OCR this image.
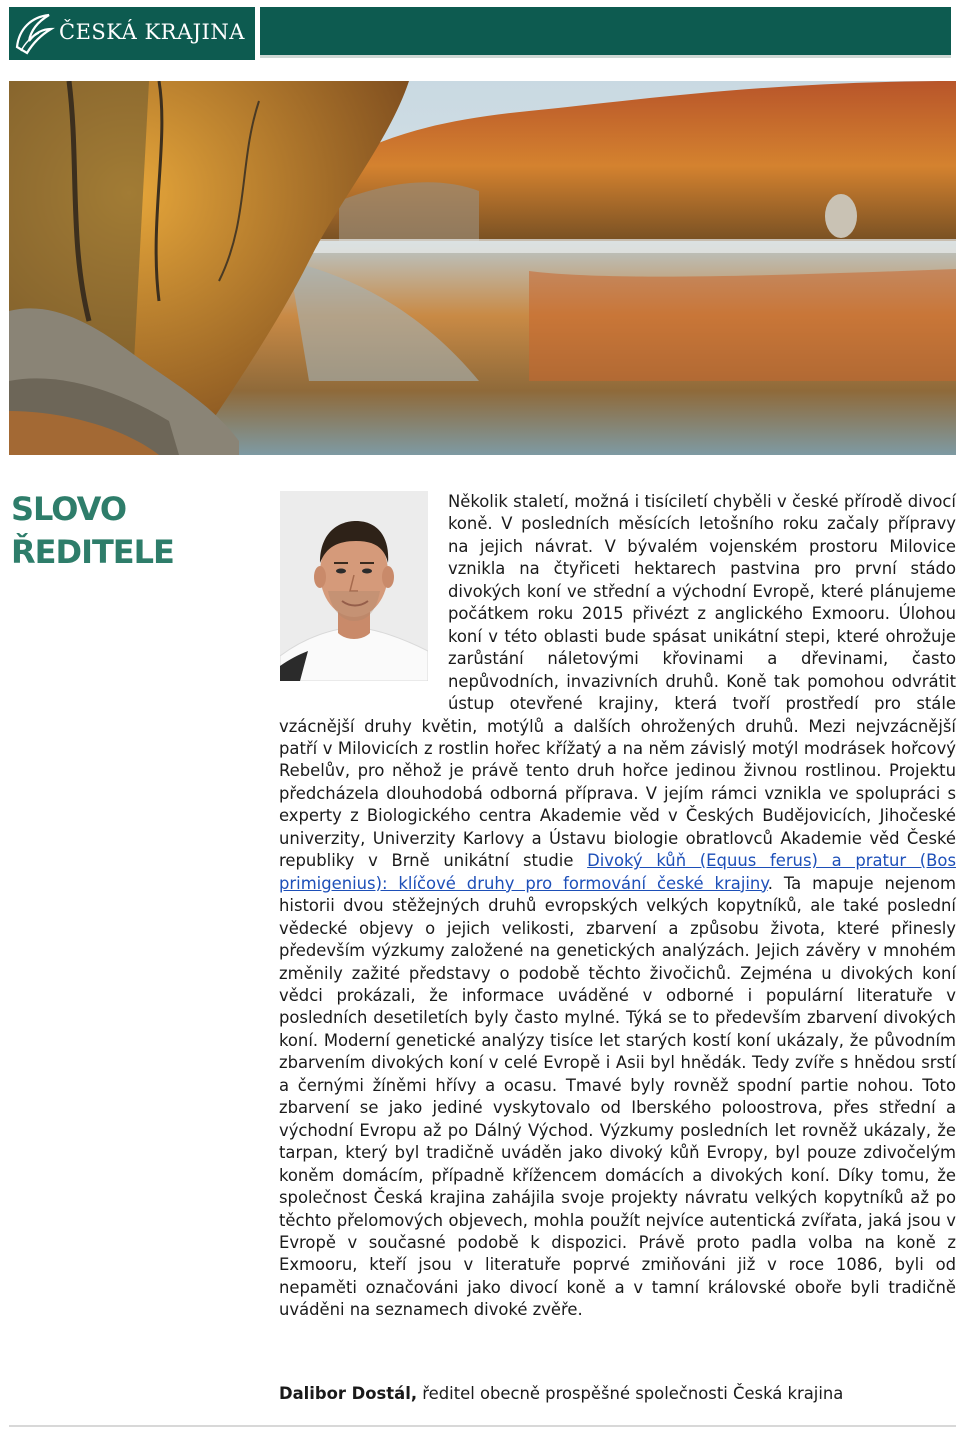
ČESKÁ KRAJINA
SLOVO
ŘEDITELE
Několik staletí, možná i tisíciletí chyběli v české přírodě divocí koně. V posledních měsících letošního roku začaly přípravy na jejich návrat. V bývalém vojenském prostoru Milovice vznikla na čtyřiceti hektarech pastvina pro první stádo divokých koní ve střední a východní Evropě, které plánujeme počátkem roku 2015 přivézt z anglického Exmooru. Úlohou koní v této oblasti bude spásat unikátní stepi, které ohrožuje zarůstání náletovými křovinami a dřevinami, často nepůvodních, invazivních druhů. Koně tak pomohou odvrátit ústup otevřené krajiny, která tvoří prostředí pro stále vzácnější druhy květin, motýlů a dalších ohrožených druhů. Mezi nejvzácnější patří v Milovicích z rostlin hořec křížatý a na něm závislý motýl modrásek hořcový Rebelův, pro něhož je právě tento druh hořce jedinou živnou rostlinou. Projektu předcházela dlouhodobá odborná příprava. V jejím rámci vznikla ve spolupráci s experty z Biologického centra Akademie věd v Českých Budějovicích, Jihočeské univerzity, Univerzity Karlovy a Ústavu biologie obratlovců Akademie věd České republiky v Brně unikátní studie Divoký kůň (Equus ferus) a pratur (Bos primigenius): klíčové druhy pro formování české krajiny. Ta mapuje nejenom historii dvou stěžejných druhů evropských velkých kopytníků, ale také poslední vědecké objevy o jejich velikosti, zbarvení a způsobu života, které přinesly především výzkumy založené na genetických analýzách. Jejich závěry v mnohém změnily zažité představy o podobě těchto živočichů. Zejména u divokých koní vědci prokázali, že informace uváděné v odborné i populární literatuře v posledních desetiletích byly často mylné. Týká se to především zbarvení divokých koní. Moderní genetické analýzy tisíce let starých kostí koní ukázaly, že původním zbarvením divokých koní v celé Evropě i Asii byl hnědák. Tedy zvíře s hnědou srstí a černými žíněmi hřívy a ocasu. Tmavé byly rovněž spodní partie nohou. Toto zbarvení se jako jediné vyskytovalo od Iberského poloostrova, přes střední a východní Evropu až po Dálný Východ. Výzkumy posledních let rovněž ukázaly, že tarpan, který byl tradičně uváděn jako divoký kůň Evropy, byl pouze zdivočelým koněm domácím, případně křížencem domácích a divokých koní. Díky tomu, že společnost Česká krajina zahájila svoje projekty návratu velkých kopytníků až po těchto přelomových objevech, mohla použít nejvíce autentická zvířata, jaká jsou v Evropě v současné podobě k dispozici. Právě proto padla volba na koně z Exmooru, kteří jsou v literatuře poprvé zmiňováni již v roce 1086, byli od nepaměti označováni jako divocí koně a v tamní královské oboře byli tradičně uváděni na seznamech divoké zvěře.
Dalibor Dostál, ředitel obecně prospěšné společnosti Česká krajina
